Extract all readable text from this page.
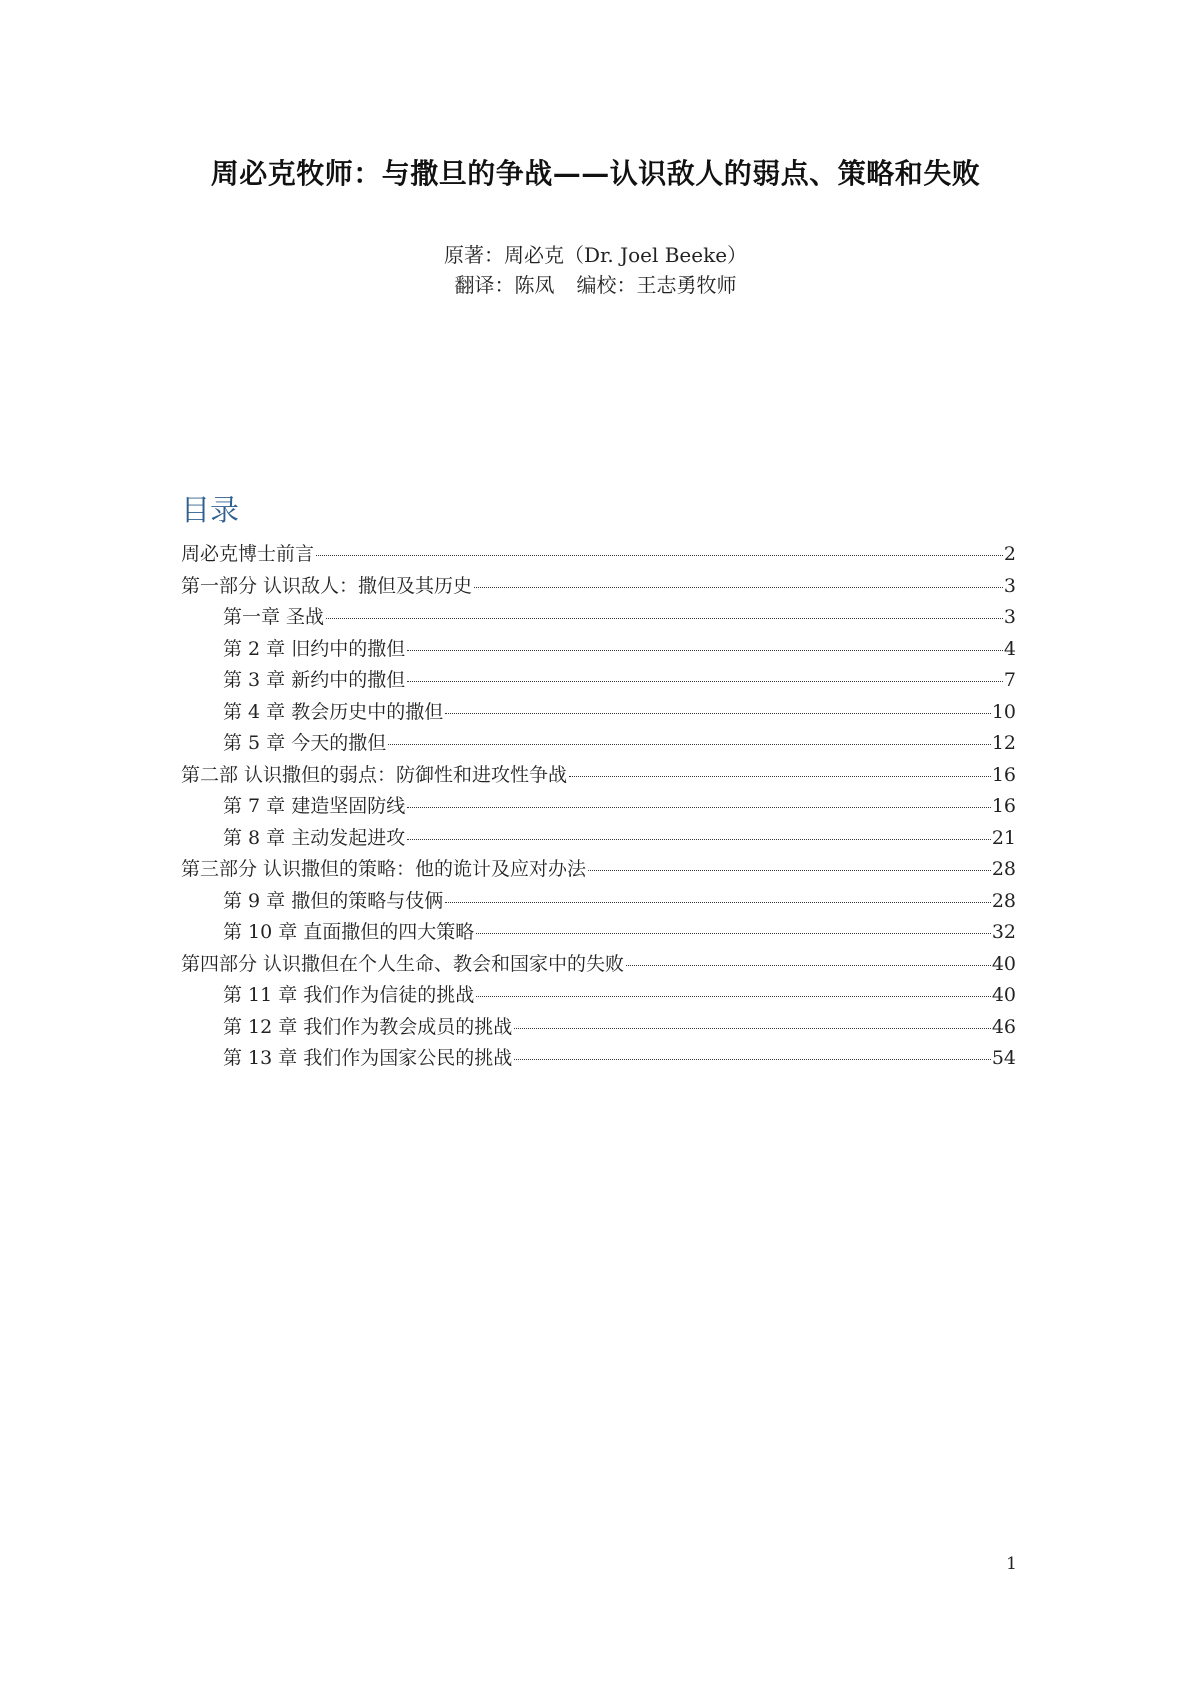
周必克牧师：与撒旦的争战——认识敌人的弱点、策略和失败
原著：周必克（Dr. Joel Beeke）
翻译：陈凤 编校：王志勇牧师
目录
周必克博士前言	2
第一部分 认识敌人：撒但及其历史	3
第一章 圣战	3
第 2 章 旧约中的撒但	4
第 3 章 新约中的撒但	7
第 4 章 教会历史中的撒但	10
第 5 章 今天的撒但	12
第二部 认识撒但的弱点：防御性和进攻性争战	16
第 7 章 建造坚固防线	16
第 8 章 主动发起进攻	21
第三部分 认识撒但的策略：他的诡计及应对办法	28
第 9 章 撒但的策略与伎俩	28
第 10 章 直面撒但的四大策略	32
第四部分 认识撒但在个人生命、教会和国家中的失败	40
第 11 章 我们作为信徒的挑战	40
第 12 章 我们作为教会成员的挑战	46
第 13 章 我们作为国家公民的挑战	54
1
